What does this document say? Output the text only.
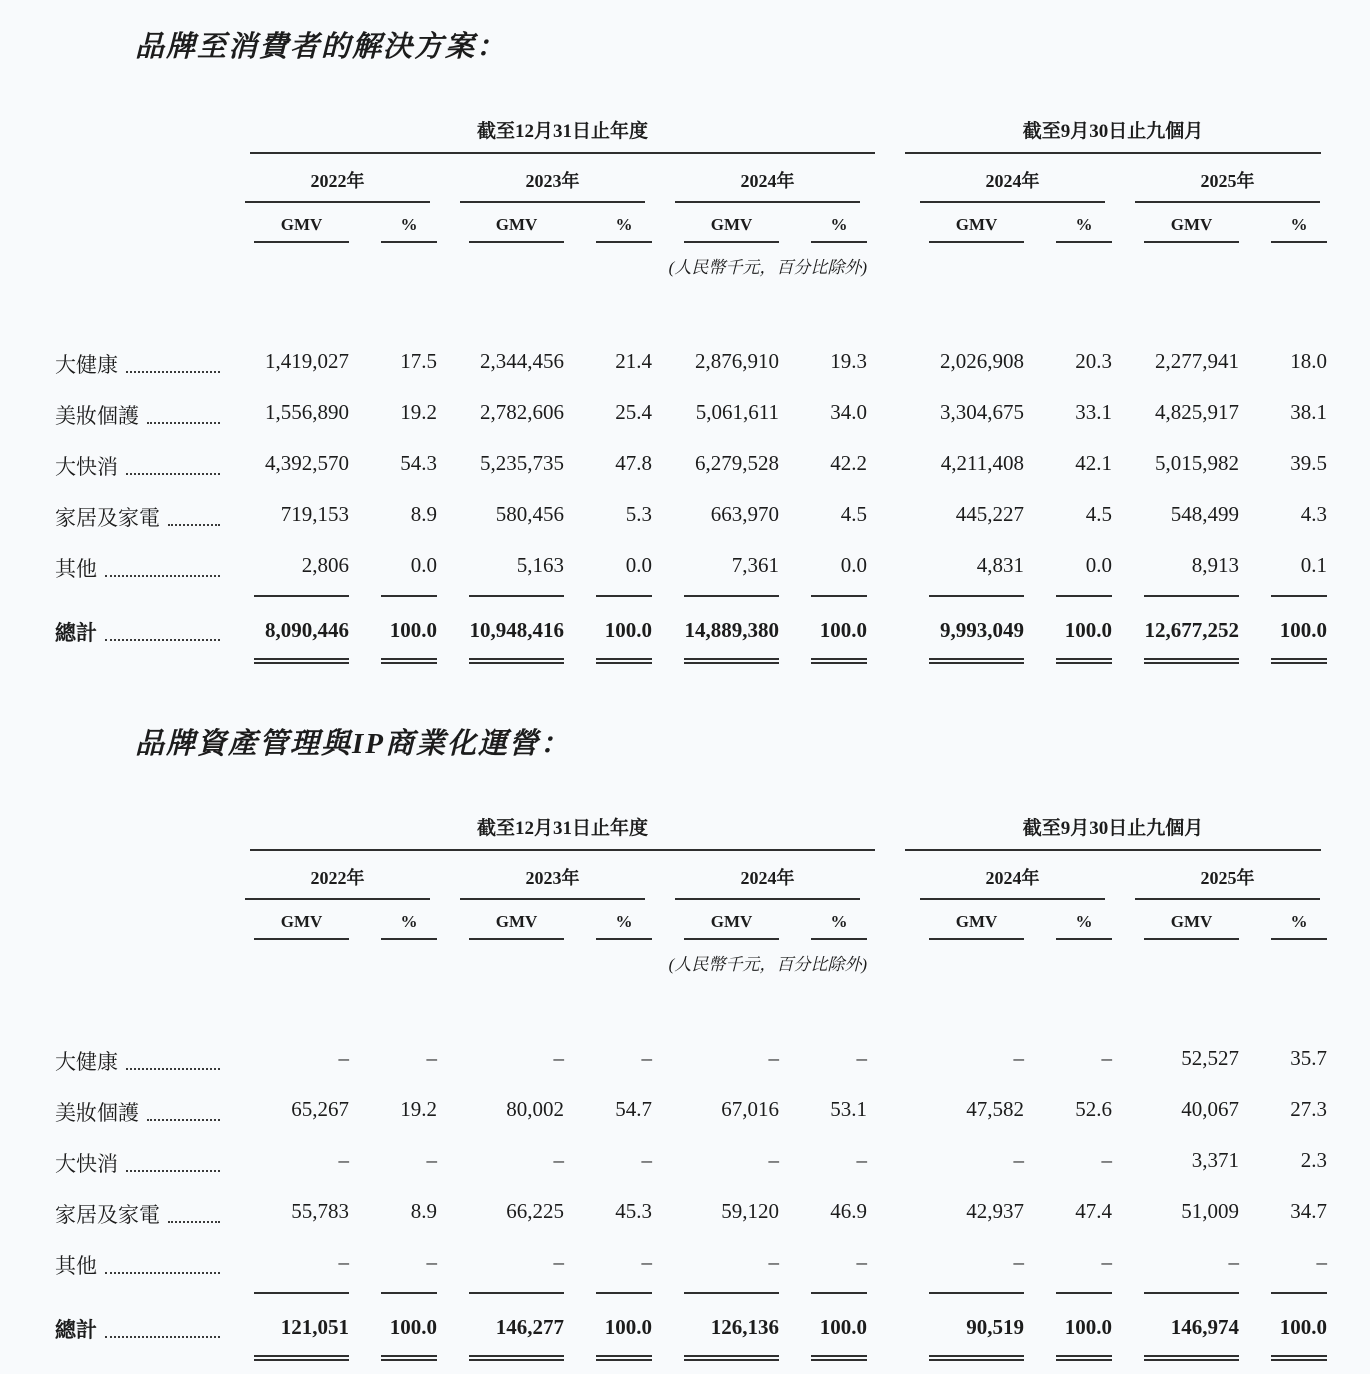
品牌至消費者的解決方案：
截至12月31日止年度	截至9月30日止九個月
2022年	2023年	2024年	2024年	2025年
GMV	%	GMV	%	GMV	%	GMV	%	GMV	%
(人民幣千元，百分比除外)
大健康	1,419,027	17.5	2,344,456	21.4	2,876,910	19.3	2,026,908	20.3	2,277,941	18.0
美妝個護	1,556,890	19.2	2,782,606	25.4	5,061,611	34.0	3,304,675	33.1	4,825,917	38.1
大快消	4,392,570	54.3	5,235,735	47.8	6,279,528	42.2	4,211,408	42.1	5,015,982	39.5
家居及家電	719,153	8.9	580,456	5.3	663,970	4.5	445,227	4.5	548,499	4.3
其他	2,806	0.0	5,163	0.0	7,361	0.0	4,831	0.0	8,913	0.1
總計	8,090,446	100.0	10,948,416	100.0	14,889,380	100.0	9,993,049	100.0	12,677,252	100.0
品牌資產管理與IP商業化運營：
截至12月31日止年度	截至9月30日止九個月
2022年	2023年	2024年	2024年	2025年
GMV	%	GMV	%	GMV	%	GMV	%	GMV	%
(人民幣千元，百分比除外)
大健康	–	–	–	–	–	–	–	–	52,527	35.7
美妝個護	65,267	19.2	80,002	54.7	67,016	53.1	47,582	52.6	40,067	27.3
大快消	–	–	–	–	–	–	–	–	3,371	2.3
家居及家電	55,783	8.9	66,225	45.3	59,120	46.9	42,937	47.4	51,009	34.7
其他	–	–	–	–	–	–	–	–	–	–
總計	121,051	100.0	146,277	100.0	126,136	100.0	90,519	100.0	146,974	100.0
